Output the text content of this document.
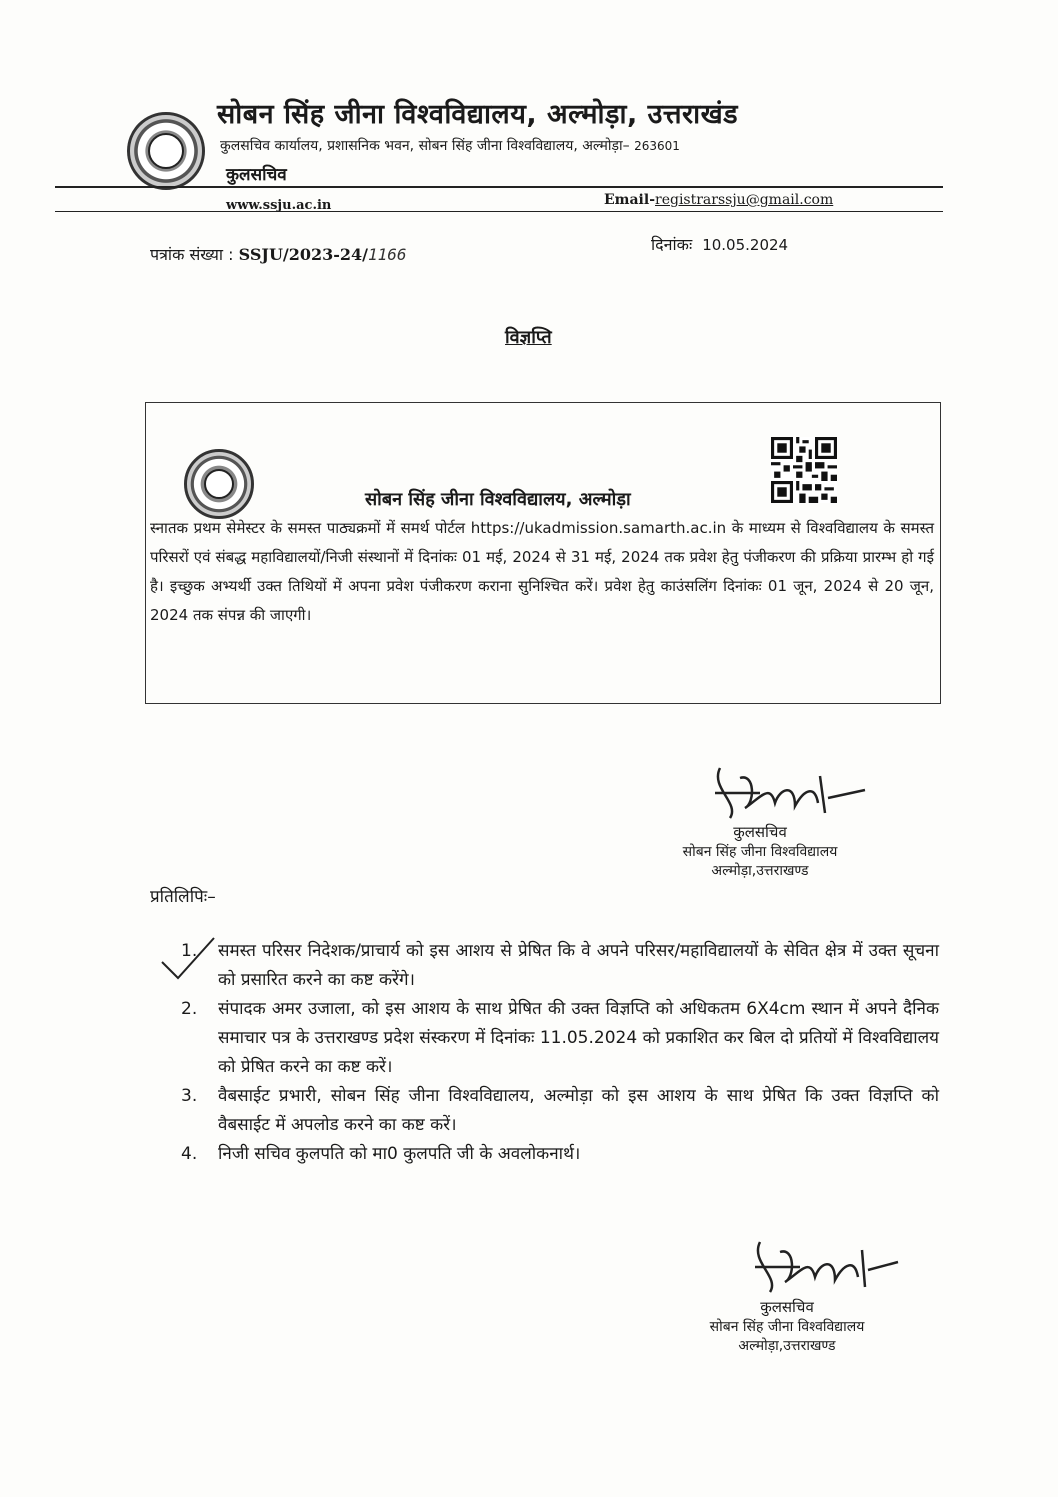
सोबन सिंह जीना विश्वविद्यालय, अल्मोड़ा, उत्तराखंड
कुलसचिव कार्यालय, प्रशासनिक भवन, सोबन सिंह जीना विश्वविद्यालय, अल्मोड़ा– 263601
कुलसचिव
www.ssju.ac.in	Email-registrarssju@gmail.com
पत्रांक संख्या : SSJU/2023-24/1166
दिनांकः 10.05.2024
विज्ञप्ति
सोबन सिंह जीना विश्वविद्यालय, अल्मोड़ा
स्नातक प्रथम सेमेस्टर के समस्त पाठ्यक्रमों में समर्थ पोर्टल https://ukadmission.samarth.ac.in के माध्यम से विश्वविद्यालय के समस्त परिसरों एवं संबद्ध महाविद्यालयों/निजी संस्थानों में दिनांकः 01 मई, 2024 से 31 मई, 2024 तक प्रवेश हेतु पंजीकरण की प्रक्रिया प्रारम्भ हो गई है। इच्छुक अभ्यर्थी उक्त तिथियों में अपना प्रवेश पंजीकरण कराना सुनिश्चित करें। प्रवेश हेतु काउंसलिंग दिनांकः 01 जून, 2024 से 20 जून, 2024 तक संपन्न की जाएगी।
कुलसचिव
सोबन सिंह जीना विश्वविद्यालय
अल्मोड़ा,उत्तराखण्ड
प्रतिलिपिः–
1. समस्त परिसर निदेशक/प्राचार्य को इस आशय से प्रेषित कि वे अपने परिसर/महाविद्यालयों के सेवित क्षेत्र में उक्त सूचना को प्रसारित करने का कष्ट करेंगे।
2. संपादक अमर उजाला, को इस आशय के साथ प्रेषित की उक्त विज्ञप्ति को अधिकतम 6X4cm स्थान में अपने दैनिक समाचार पत्र के उत्तराखण्ड प्रदेश संस्करण में दिनांकः 11.05.2024 को प्रकाशित कर बिल दो प्रतियों में विश्वविद्यालय को प्रेषित करने का कष्ट करें।
3. वैबसाईट प्रभारी, सोबन सिंह जीना विश्वविद्यालय, अल्मोड़ा को इस आशय के साथ प्रेषित कि उक्त विज्ञप्ति को वैबसाईट में अपलोड करने का कष्ट करें।
4. निजी सचिव कुलपति को मा0 कुलपति जी के अवलोकनार्थ।
कुलसचिव
सोबन सिंह जीना विश्वविद्यालय
अल्मोड़ा,उत्तराखण्ड
